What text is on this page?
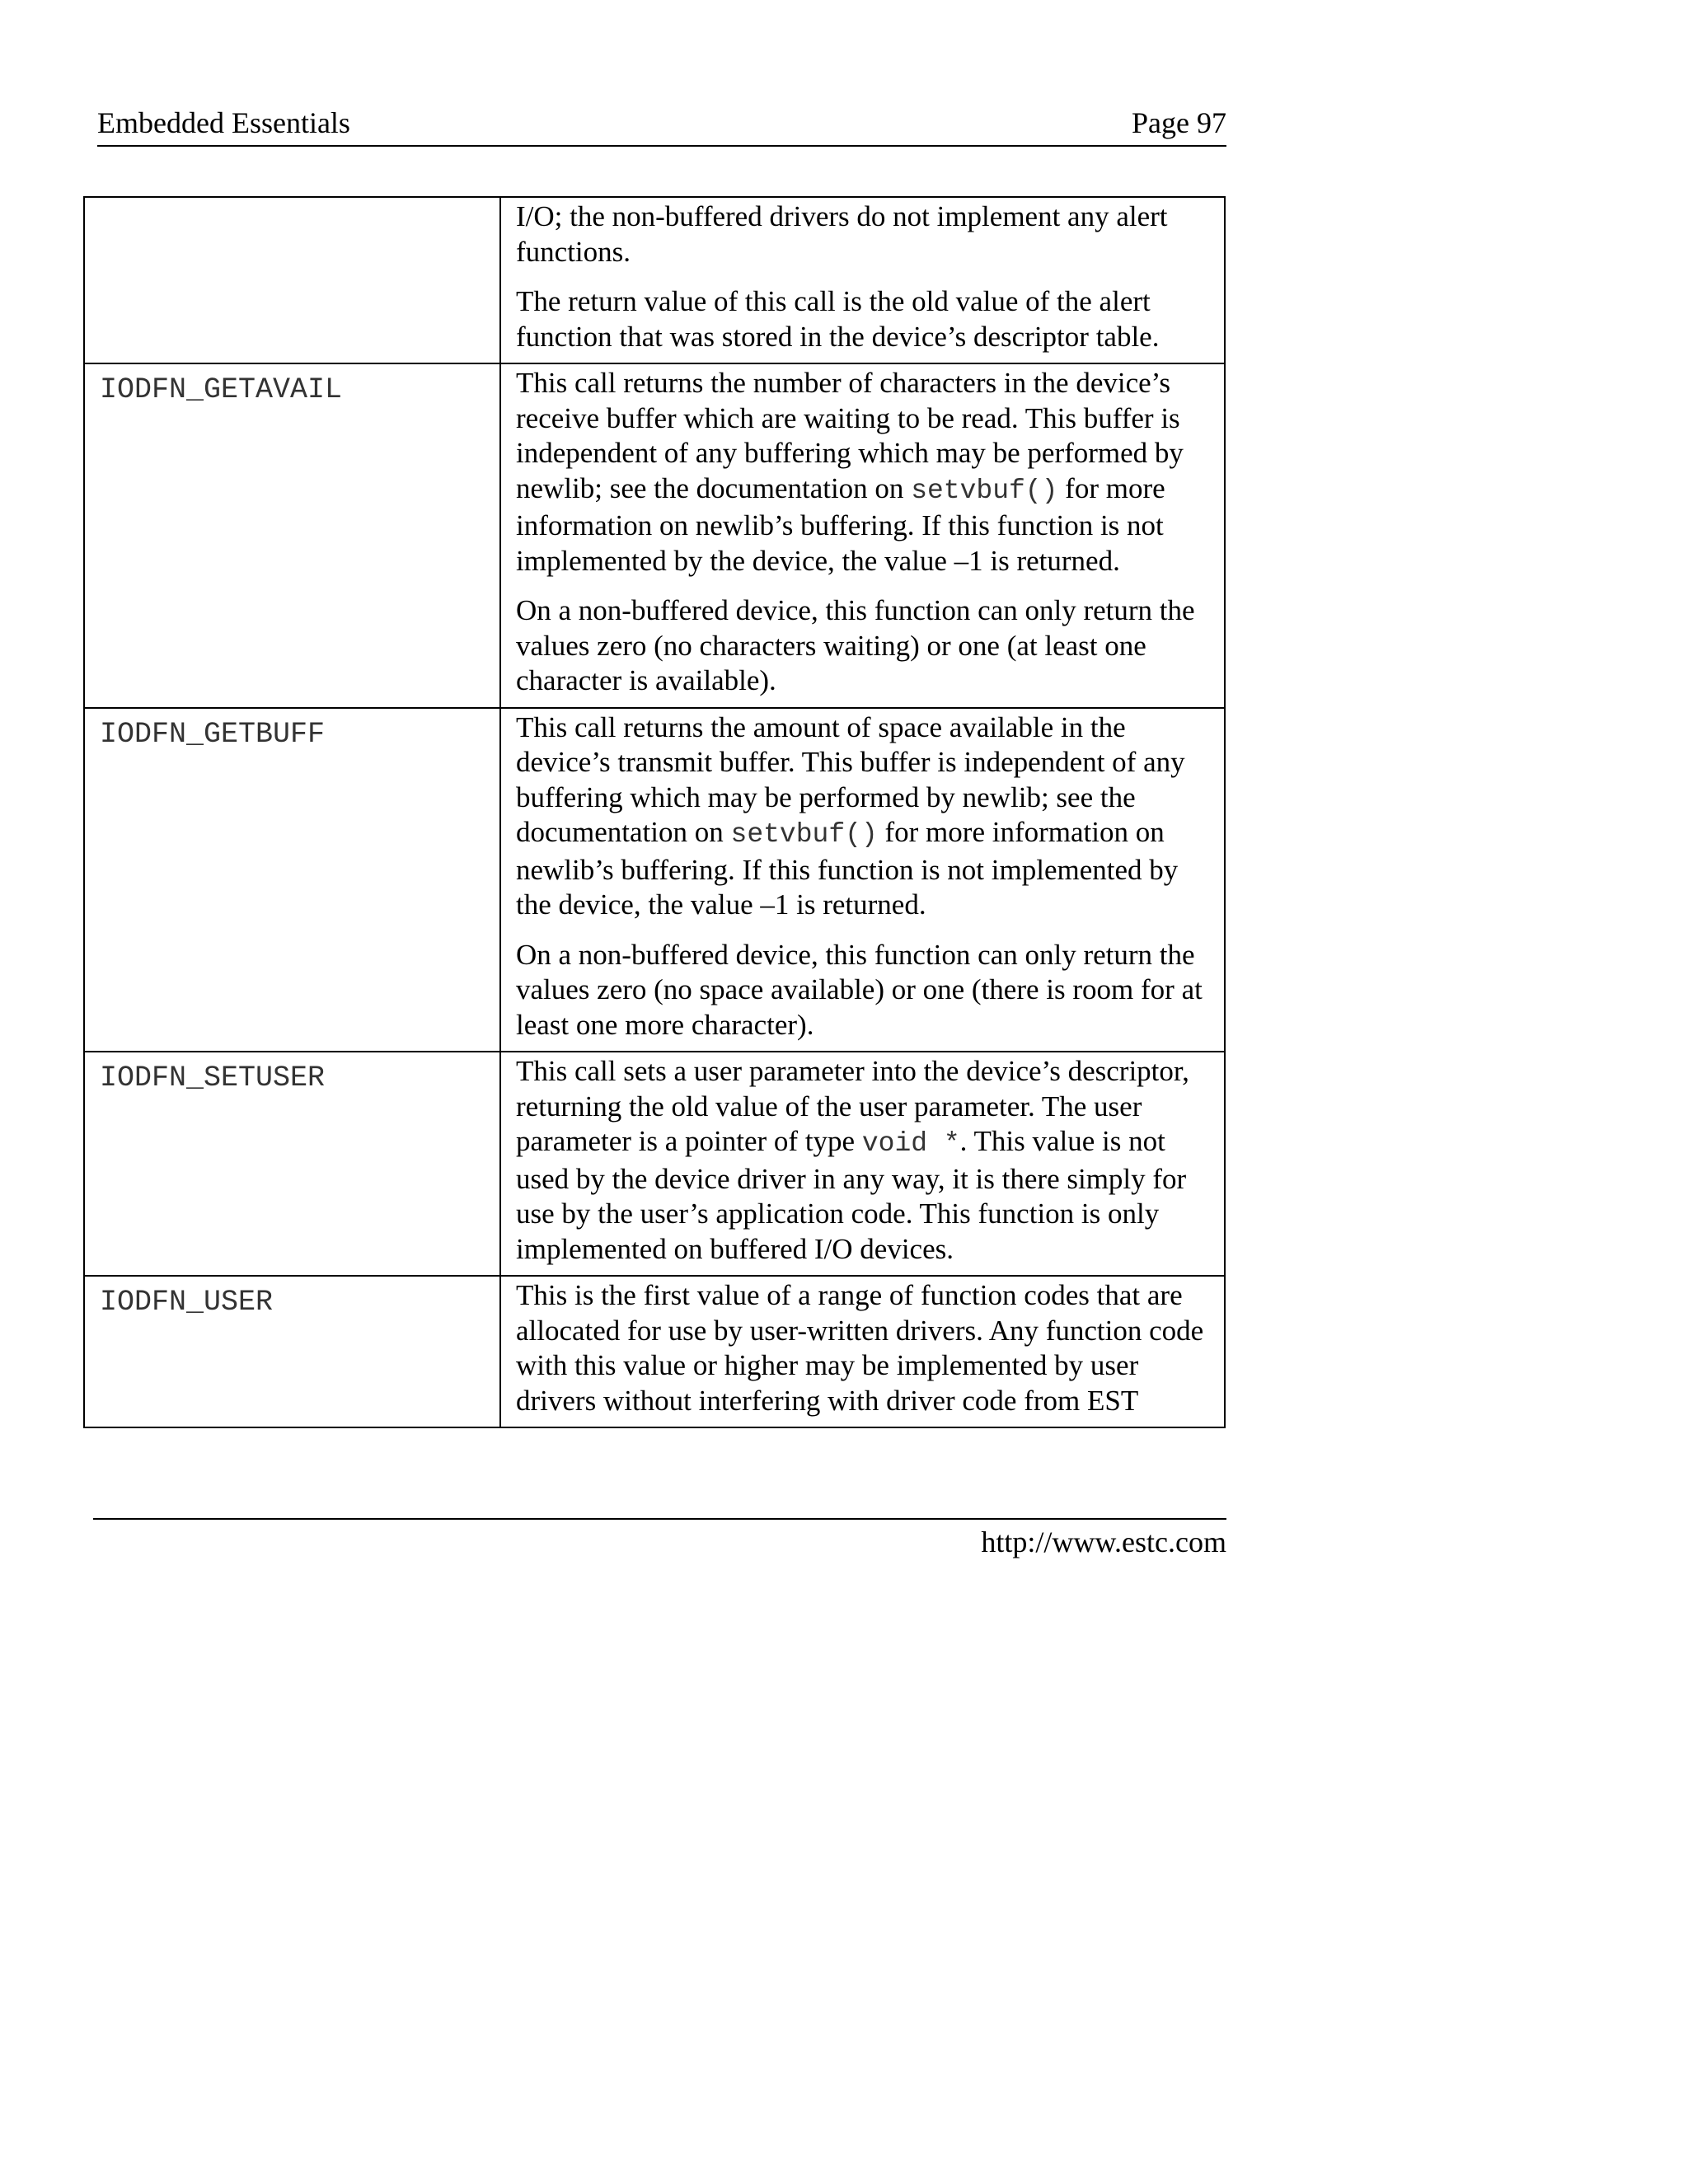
Embedded Essentials	Page 97

	I/O; the non-buffered drivers do not implement any alert functions.

The return value of this call is the old value of the alert function that was stored in the device’s descriptor table.

IODFN_GETAVAIL	This call returns the number of characters in the device’s receive buffer which are waiting to be read. This buffer is independent of any buffering which may be performed by newlib; see the documentation on setvbuf() for more information on newlib’s buffering. If this function is not implemented by the device, the value –1 is returned.

On a non-buffered device, this function can only return the values zero (no characters waiting) or one (at least one character is available).

IODFN_GETBUFF	This call returns the amount of space available in the device’s transmit buffer. This buffer is independent of any buffering which may be performed by newlib; see the documentation on setvbuf() for more information on newlib’s buffering. If this function is not implemented by the device, the value –1 is returned.

On a non-buffered device, this function can only return the values zero (no space available) or one (there is room for at least one more character).

IODFN_SETUSER	This call sets a user parameter into the device’s descriptor, returning the old value of the user parameter. The user parameter is a pointer of type void *. This value is not used by the device driver in any way, it is there simply for use by the user’s application code. This function is only implemented on buffered I/O devices.

IODFN_USER	This is the first value of a range of function codes that are allocated for use by user-written drivers. Any function code with this value or higher may be implemented by user drivers without interfering with driver code from EST

http://www.estc.com
